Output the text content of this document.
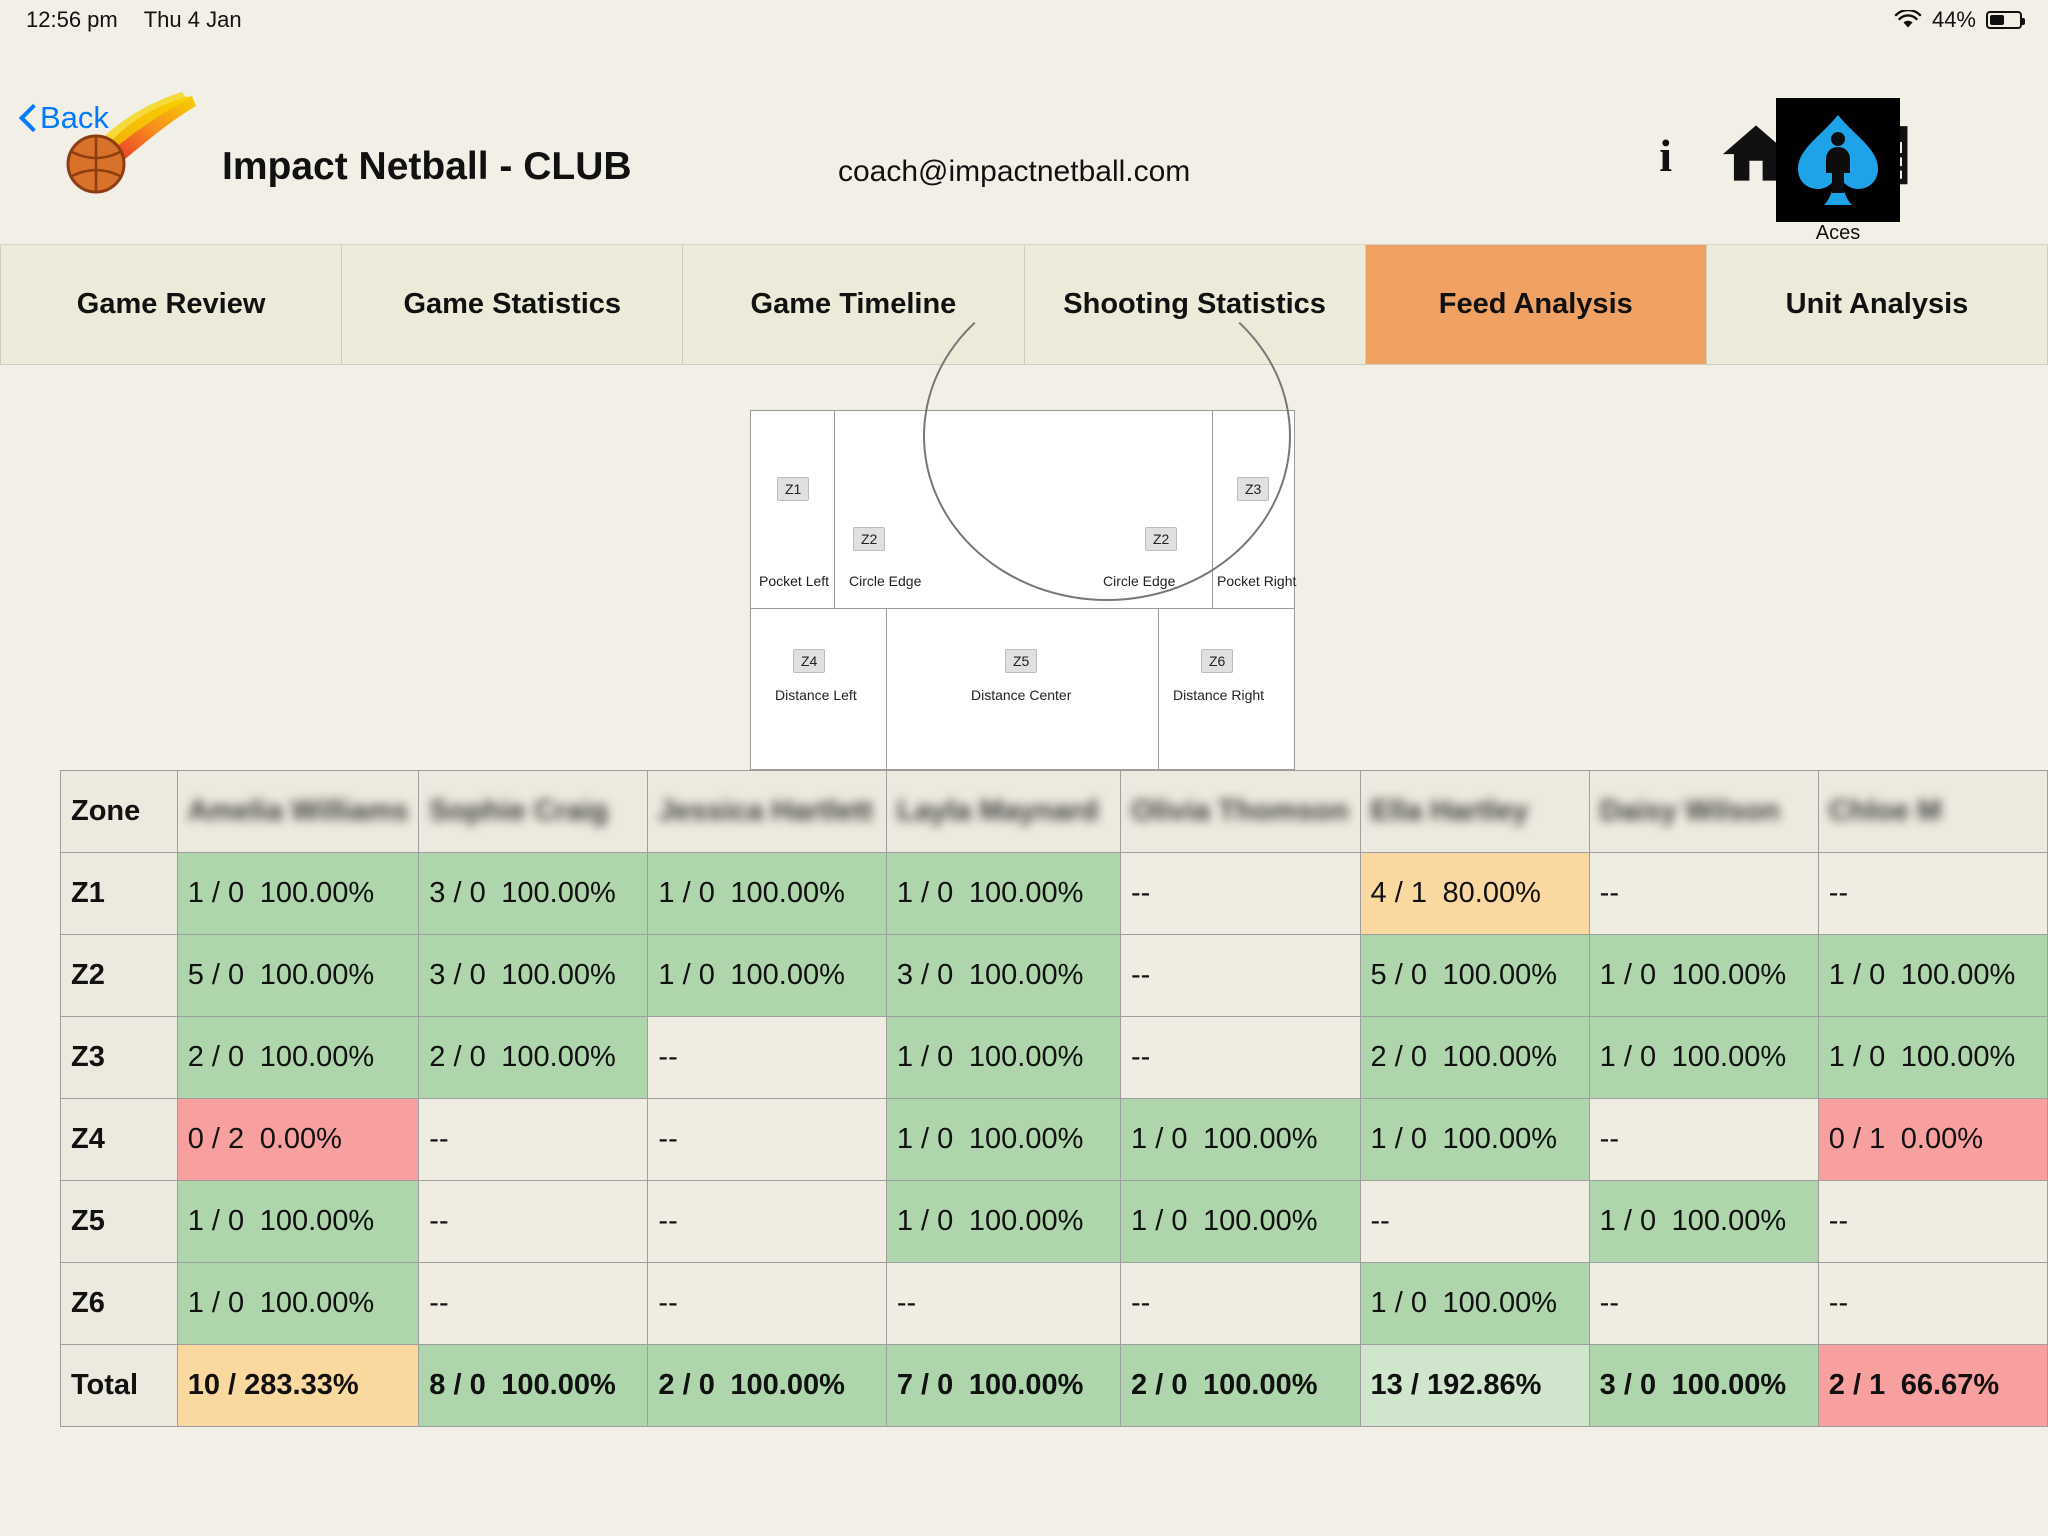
12:56 pm Thu 4 Jan	44%
Back
Impact Netball - CLUB	coach@impactnetball.com	i
Aces
Game Review	Game Statistics	Game Timeline	Shooting Statistics	Feed Analysis	Unit Analysis
Z1
Pocket Left
Z2	Z2
Circle Edge	Circle Edge
Z3
Pocket Right
Z4
Distance Left
Z5
Distance Center
Z6
Distance Right
Zone	Amelia Williams	Sophie Craig	Jessica Hartlett	Layla Maynard	Olivia Thomson	Ella Hartley	Daisy Wilson	Chloe M
Z1	1 / 0 100.00%	3 / 0 100.00%	1 / 0 100.00%	1 / 0 100.00%	--	4 / 1 80.00%	--	--
Z2	5 / 0 100.00%	3 / 0 100.00%	1 / 0 100.00%	3 / 0 100.00%	--	5 / 0 100.00%	1 / 0 100.00%	1 / 0 100.00%
Z3	2 / 0 100.00%	2 / 0 100.00%	--	1 / 0 100.00%	--	2 / 0 100.00%	1 / 0 100.00%	1 / 0 100.00%
Z4	0 / 2 0.00%	--	--	1 / 0 100.00%	1 / 0 100.00%	1 / 0 100.00%	--	0 / 1 0.00%
Z5	1 / 0 100.00%	--	--	1 / 0 100.00%	1 / 0 100.00%	--	1 / 0 100.00%	--
Z6	1 / 0 100.00%	--	--	--	--	1 / 0 100.00%	--	--
Total	10 / 283.33%	8 / 0 100.00%	2 / 0 100.00%	7 / 0 100.00%	2 / 0 100.00%	13 / 192.86%	3 / 0 100.00%	2 / 1 66.67%
